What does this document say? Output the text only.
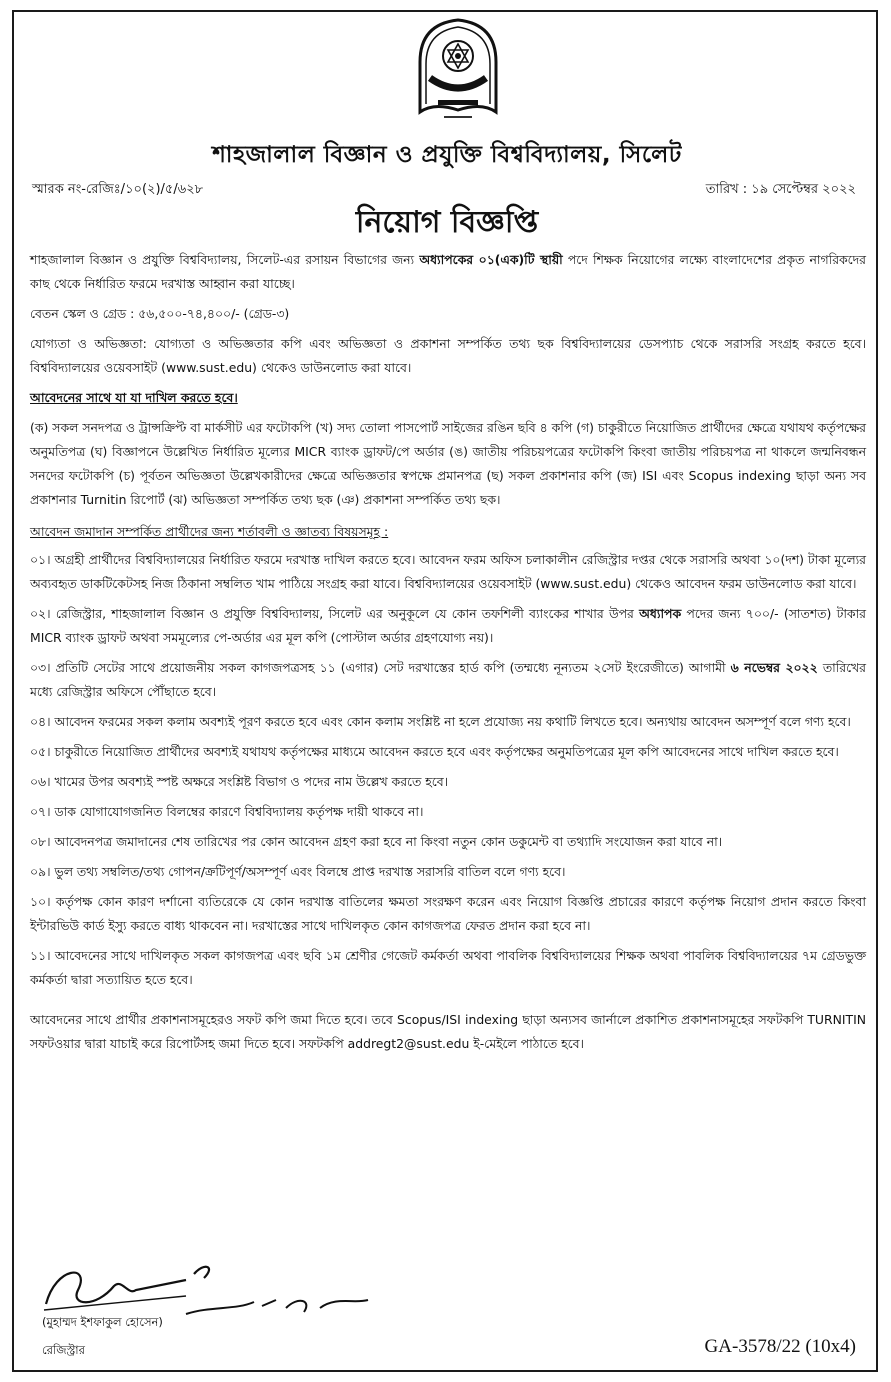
শাহজালাল বিজ্ঞান ও প্রযুক্তি বিশ্ববিদ্যালয়, সিলেট
স্মারক নং-রেজিঃ/১০(২)/৫/৬২৮	তারিখ : ১৯ সেপ্টেম্বর ২০২২
নিয়োগ বিজ্ঞপ্তি

শাহজালাল বিজ্ঞান ও প্রযুক্তি বিশ্ববিদ্যালয়, সিলেট-এর রসায়ন বিভাগের জন্য অধ্যাপকের ০১(এক)টি স্থায়ী পদে শিক্ষক নিয়োগের লক্ষ্যে বাংলাদেশের প্রকৃত নাগরিকদের কাছ থেকে নির্ধারিত ফরমে দরখাস্ত আহ্বান করা যাচ্ছে।

বেতন স্কেল ও গ্রেড : ৫৬,৫০০-৭৪,৪০০/- (গ্রেড-৩)

যোগ্যতা ও অভিজ্ঞতা: যোগ্যতা ও অভিজ্ঞতার কপি এবং অভিজ্ঞতা ও প্রকাশনা সম্পর্কিত তথ্য ছক বিশ্ববিদ্যালয়ের ডেসপ্যাচ থেকে সরাসরি সংগ্রহ করতে হবে। বিশ্ববিদ্যালয়ের ওয়েবসাইট (www.sust.edu) থেকেও ডাউনলোড করা যাবে।

আবেদনের সাথে যা যা দাখিল করতে হবে।

(ক) সকল সনদপত্র ও ট্রান্সক্রিপ্ট বা মার্কসীট এর ফটোকপি (খ) সদ্য তোলা পাসপোর্ট সাইজের রঙিন ছবি ৪ কপি (গ) চাকুরীতে নিয়োজিত প্রার্থীদের ক্ষেত্রে যথাযথ কর্তৃপক্ষের অনুমতিপত্র (ঘ) বিজ্ঞাপনে উল্লেখিত নির্ধারিত মূল্যের MICR ব্যাংক ড্রাফট/পে অর্ডার (ঙ) জাতীয় পরিচয়পত্রের ফটোকপি কিংবা জাতীয় পরিচয়পত্র না থাকলে জন্মনিবন্ধন সনদের ফটোকপি (চ) পূর্বতন অভিজ্ঞতা উল্লেখকারীদের ক্ষেত্রে অভিজ্ঞতার স্বপক্ষে প্রমানপত্র (ছ) সকল প্রকাশনার কপি (জ) ISI এবং Scopus indexing ছাড়া অন্য সব প্রকাশনার Turnitin রিপোর্ট (ঝ) অভিজ্ঞতা সম্পর্কিত তথ্য ছক (ঞ) প্রকাশনা সম্পর্কিত তথ্য ছক।

আবেদন জমাদান সম্পর্কিত প্রার্থীদের জন্য শর্তাবলী ও জ্ঞাতব্য বিষয়সমূহ :

০১। অগ্রহী প্রার্থীদের বিশ্ববিদ্যালয়ের নির্ধারিত ফরমে দরখাস্ত দাখিল করতে হবে। আবেদন ফরম অফিস চলাকালীন রেজিস্ট্রার দপ্তর থেকে সরাসরি অথবা ১০(দশ) টাকা মূল্যের অব্যবহৃত ডাকটিকেটসহ নিজ ঠিকানা সম্বলিত খাম পাঠিয়ে সংগ্রহ করা যাবে। বিশ্ববিদ্যালয়ের ওয়েবসাইট (www.sust.edu) থেকেও আবেদন ফরম ডাউনলোড করা যাবে।

০২। রেজিস্ট্রার, শাহজালাল বিজ্ঞান ও প্রযুক্তি বিশ্ববিদ্যালয়, সিলেট এর অনুকূলে যে কোন তফশিলী ব্যাংকের শাখার উপর অধ্যাপক পদের জন্য ৭০০/- (সাতশত) টাকার MICR ব্যাংক ড্রাফট অথবা সমমূল্যের পে-অর্ডার এর মূল কপি (পোস্টাল অর্ডার গ্রহণযোগ্য নয়)।

০৩। প্রতিটি সেটের সাথে প্রয়োজনীয় সকল কাগজপত্রসহ ১১ (এগার) সেট দরখাস্তের হার্ড কপি (তম্মধ্যে নূন্যতম ২সেট ইংরেজীতে) আগামী ৬ নভেম্বর ২০২২ তারিখের মধ্যে রেজিস্ট্রার অফিসে পৌঁছাতে হবে।

০৪। আবেদন ফরমের সকল কলাম অবশ্যই পূরণ করতে হবে এবং কোন কলাম সংশ্লিষ্ট না হলে প্রযোজ্য নয় কথাটি লিখতে হবে। অন্যথায় আবেদন অসম্পূর্ণ বলে গণ্য হবে।

০৫। চাকুরীতে নিয়োজিত প্রার্থীদের অবশ্যই যথাযথ কর্তৃপক্ষের মাধ্যমে আবেদন করতে হবে এবং কর্তৃপক্ষের অনুমতিপত্রের মূল কপি আবেদনের সাথে দাখিল করতে হবে।

০৬। খামের উপর অবশ্যই স্পষ্ট অক্ষরে সংশ্লিষ্ট বিভাগ ও পদের নাম উল্লেখ করতে হবে।

০৭। ডাক যোগাযোগজনিত বিলম্বের কারণে বিশ্ববিদ্যালয় কর্তৃপক্ষ দায়ী থাকবে না।

০৮। আবেদনপত্র জমাদানের শেষ তারিখের পর কোন আবেদন গ্রহণ করা হবে না কিংবা নতুন কোন ডকুমেন্ট বা তথ্যাদি সংযোজন করা যাবে না।

০৯। ভুল তথ্য সম্বলিত/তথ্য গোপন/ক্রটিপূর্ণ/অসম্পূর্ণ এবং বিলম্বে প্রাপ্ত দরখাস্ত সরাসরি বাতিল বলে গণ্য হবে।

১০। কর্তৃপক্ষ কোন কারণ দর্শানো ব্যতিরেকে যে কোন দরখাস্ত বাতিলের ক্ষমতা সংরক্ষণ করেন এবং নিয়োগ বিজ্ঞপ্তি প্রচারের কারণে কর্তৃপক্ষ নিয়োগ প্রদান করতে কিংবা ইন্টারভিউ কার্ড ইস্যু করতে বাধ্য থাকবেন না। দরখাস্তের সাথে দাখিলকৃত কোন কাগজপত্র ফেরত প্রদান করা হবে না।

১১। আবেদনের সাথে দাখিলকৃত সকল কাগজপত্র এবং ছবি ১ম শ্রেণীর গেজেট কর্মকর্তা অথবা পাবলিক বিশ্ববিদ্যালয়ের শিক্ষক অথবা পাবলিক বিশ্ববিদ্যালয়ের ৭ম গ্রেডভুক্ত কর্মকর্তা দ্বারা সত্যায়িত হতে হবে।

আবেদনের সাথে প্রার্থীর প্রকাশনাসমূহেরও সফট কপি জমা দিতে হবে। তবে Scopus/ISI indexing ছাড়া অন্যসব জার্নালে প্রকাশিত প্রকাশনাসমূহের সফটকপি TURNITIN সফটওয়ার দ্বারা যাচাই করে রিপোর্টসহ জমা দিতে হবে। সফটকপি addregt2@sust.edu ই-মেইলে পাঠাতে হবে।

(মুহাম্মদ ইশফাকুল হোসেন)
রেজিস্ট্রার	GA-3578/22 (10x4)
